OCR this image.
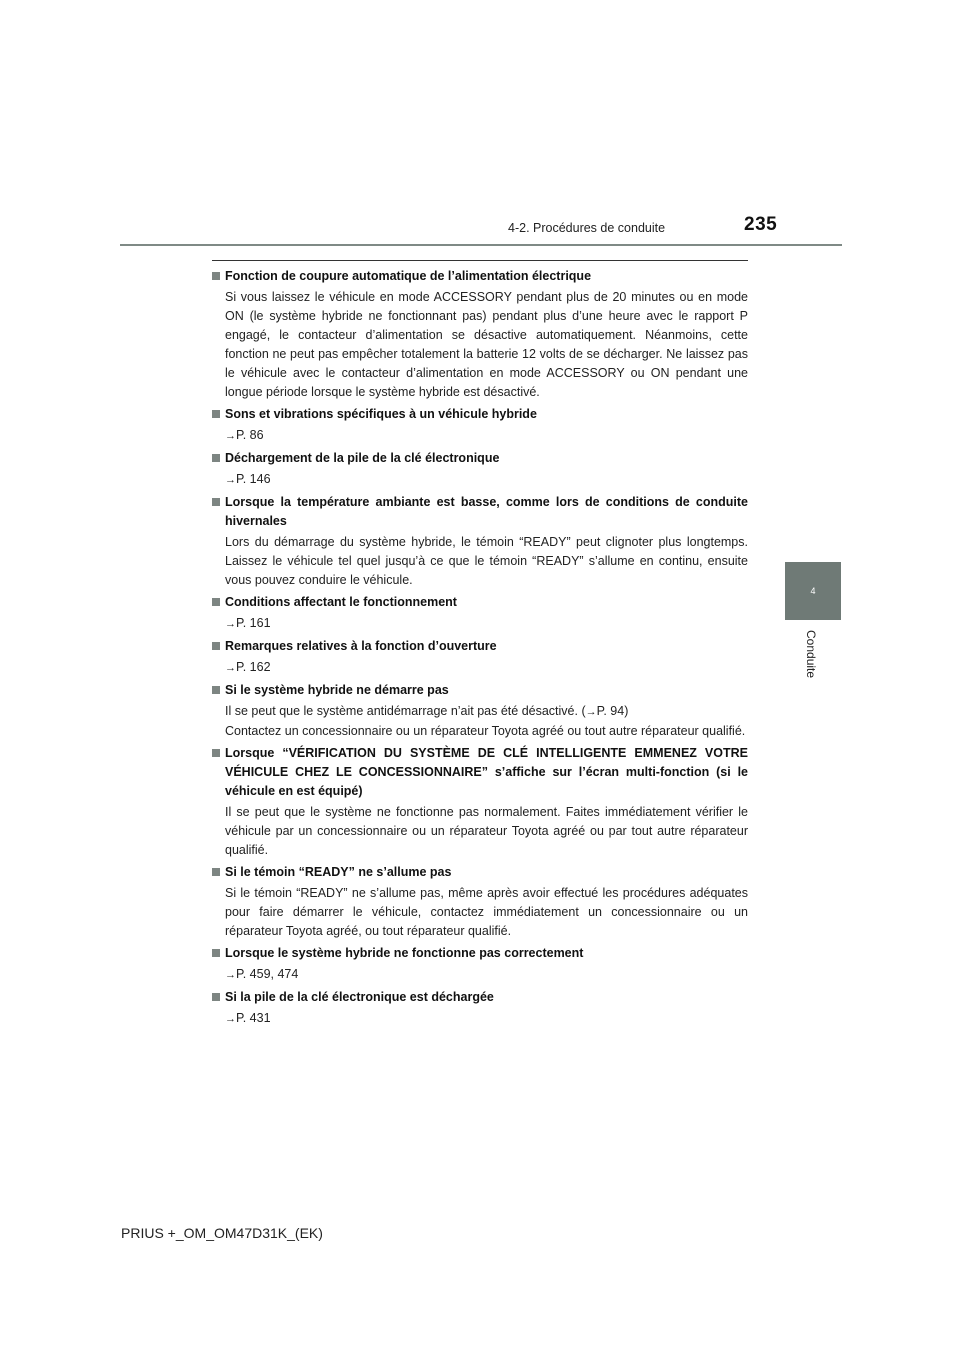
4-2. Procédures de conduite	235
4
Conduite
Fonction de coupure automatique de l’alimentation électrique

Si vous laissez le véhicule en mode ACCESSORY pendant plus de 20 minutes ou en mode ON (le système hybride ne fonctionnant pas) pendant plus d’une heure avec le rapport P engagé, le contacteur d’alimentation se désactive automatiquement. Néanmoins, cette fonction ne peut pas empêcher totalement la batterie 12 volts de se décharger. Ne laissez pas le véhicule avec le contacteur d’alimentation en mode ACCESSORY ou ON pendant une longue période lorsque le système hybride est désactivé.

Sons et vibrations spécifiques à un véhicule hybride

→P. 86

Déchargement de la pile de la clé électronique

→P. 146

Lorsque la température ambiante est basse, comme lors de conditions de conduite hivernales

Lors du démarrage du système hybride, le témoin “READY” peut clignoter plus longtemps. Laissez le véhicule tel quel jusqu’à ce que le témoin “READY” s’allume en continu, ensuite vous pouvez conduire le véhicule.

Conditions affectant le fonctionnement

→P. 161

Remarques relatives à la fonction d’ouverture

→P. 162

Si le système hybride ne démarre pas

Il se peut que le système antidémarrage n’ait pas été désactivé. (→P. 94)

Contactez un concessionnaire ou un réparateur Toyota agréé ou tout autre réparateur qualifié.

Lorsque “VÉRIFICATION DU SYSTÈME DE CLÉ INTELLIGENTE EMMENEZ VOTRE VÉHICULE CHEZ LE CONCESSIONNAIRE” s’affiche sur l’écran multi-fonction (si le véhicule en est équipé)

Il se peut que le système ne fonctionne pas normalement. Faites immédiatement vérifier le véhicule par un concessionnaire ou un réparateur Toyota agréé ou par tout autre réparateur qualifié.

Si le témoin “READY” ne s’allume pas

Si le témoin “READY” ne s’allume pas, même après avoir effectué les procédures adéquates pour faire démarrer le véhicule, contactez immédiatement un concessionnaire ou un réparateur Toyota agréé, ou tout réparateur qualifié.

Lorsque le système hybride ne fonctionne pas correctement

→P. 459, 474

Si la pile de la clé électronique est déchargée

→P. 431

PRIUS +_OM_OM47D31K_(EK)
